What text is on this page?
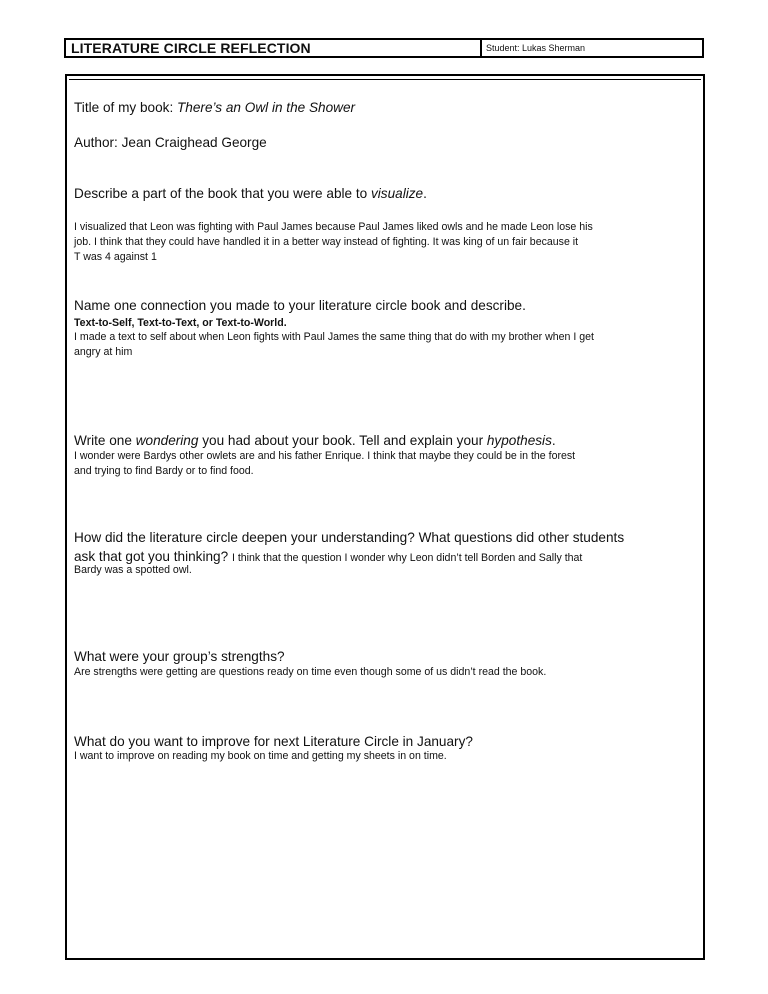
LITERATURE CIRCLE REFLECTION	Student: Lukas Sherman
Title of my book: There’s an Owl in the Shower
Author: Jean Craighead George
Describe a part of the book that you were able to visualize.
I visualized that Leon was fighting with Paul James because Paul James liked owls and he made Leon lose his
job. I think that they could have handled it in a better way instead of fighting. It was king of un fair because it
T was 4 against 1
Name one connection you made to your literature circle book and describe.
Text-to-Self, Text-to-Text, or Text-to-World.
I made a text to self about when Leon fights with Paul James the same thing that do with my brother when I get
angry at him
Write one wondering you had about your book. Tell and explain your hypothesis.
I wonder were Bardys other owlets are and his father Enrique. I think that maybe they could be in the forest
and trying to find Bardy or to find food.
How did the literature circle deepen your understanding? What questions did other students
ask that got you thinking? I think that the question I wonder why Leon didn’t tell Borden and Sally that
Bardy was a spotted owl.
What were your group’s strengths?
Are strengths were getting are questions ready on time even though some of us didn’t read the book.
What do you want to improve for next Literature Circle in January?
I want to improve on reading my book on time and getting my sheets in on time.
